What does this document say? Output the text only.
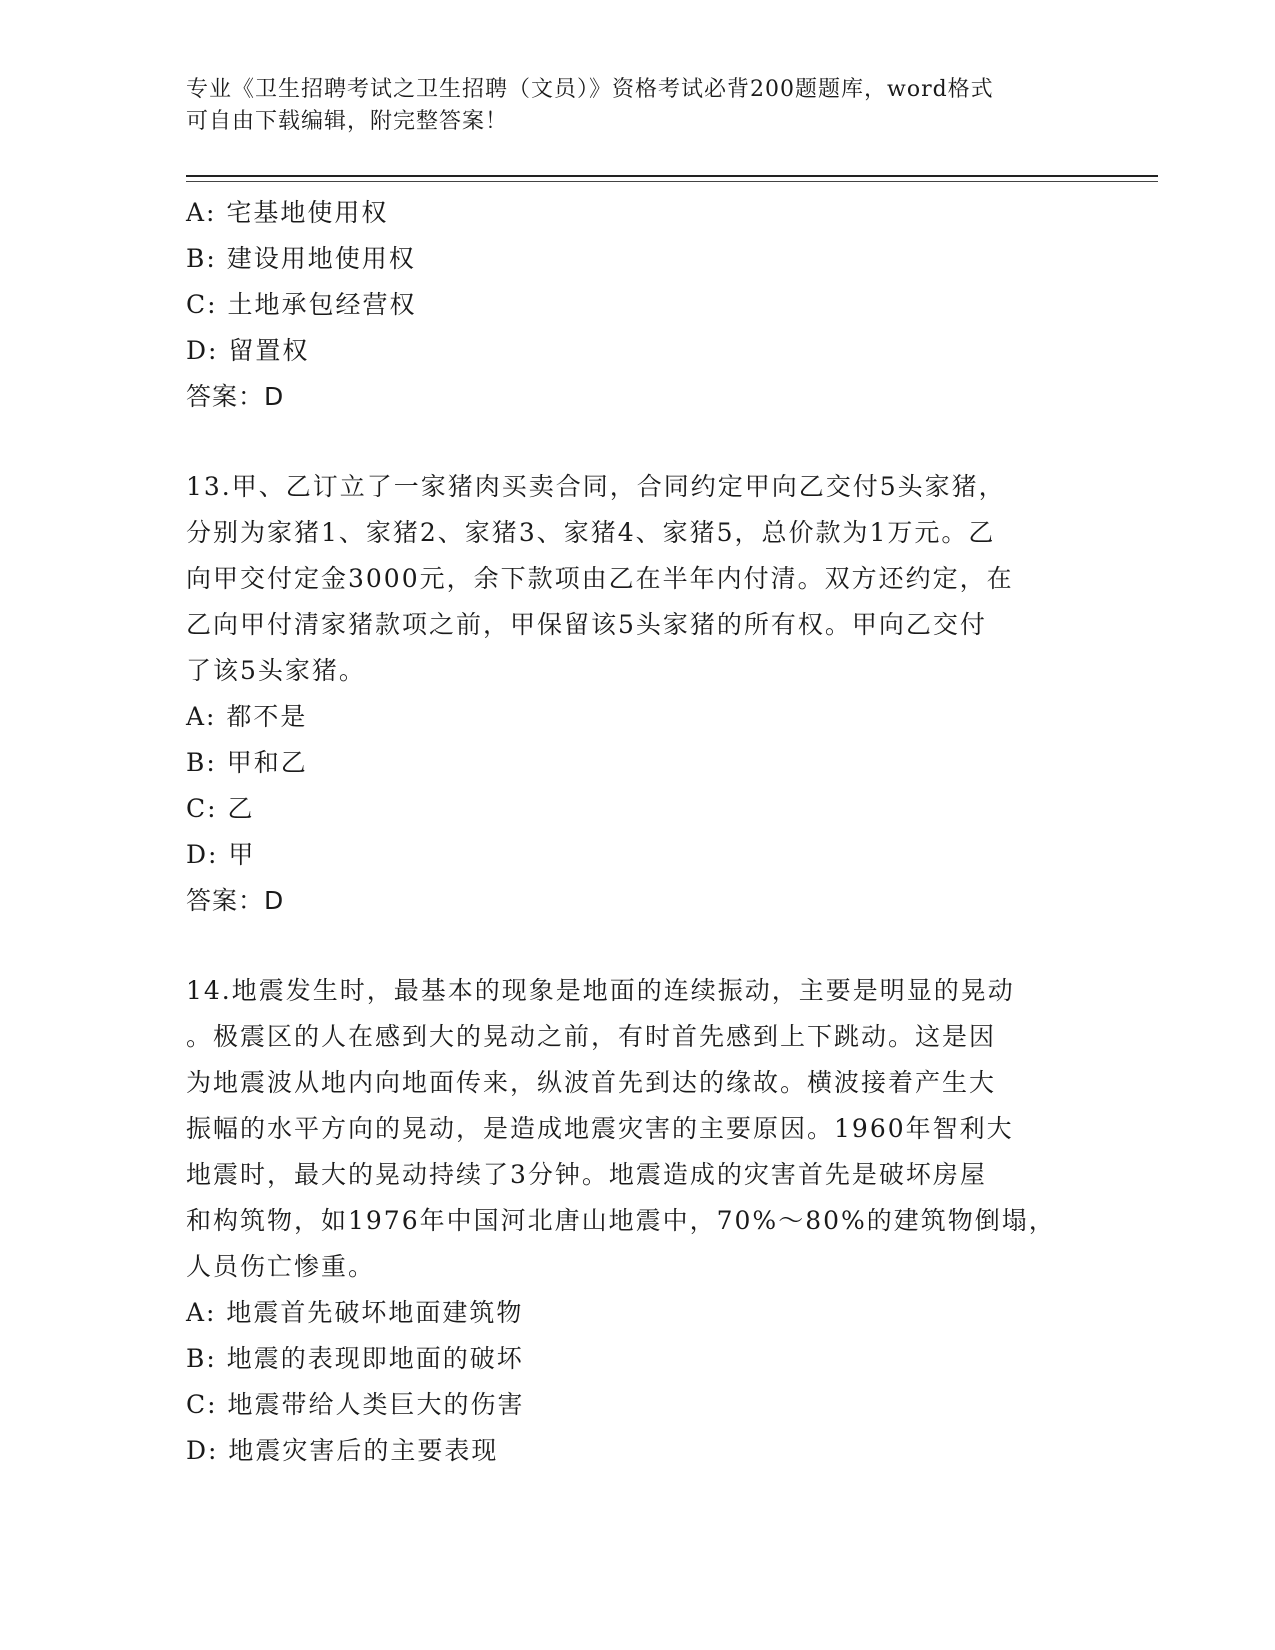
专业《卫生招聘考试之卫生招聘（文员）》资格考试必背200题题库，word格式
可自由下载编辑，附完整答案！
A: 宅基地使用权
B: 建设用地使用权
C: 土地承包经营权
D: 留置权
答案：D
13.甲、乙订立了一家猪肉买卖合同，合同约定甲向乙交付5头家猪，
分别为家猪1、家猪2、家猪3、家猪4、家猪5，总价款为1万元。乙
向甲交付定金3000元，余下款项由乙在半年内付清。双方还约定，在
乙向甲付清家猪款项之前，甲保留该5头家猪的所有权。甲向乙交付
了该5头家猪。
A: 都不是
B: 甲和乙
C: 乙
D: 甲
答案：D
14.地震发生时，最基本的现象是地面的连续振动，主要是明显的晃动
。极震区的人在感到大的晃动之前，有时首先感到上下跳动。这是因
为地震波从地内向地面传来，纵波首先到达的缘故。横波接着产生大
振幅的水平方向的晃动，是造成地震灾害的主要原因。1960年智利大
地震时，最大的晃动持续了3分钟。地震造成的灾害首先是破坏房屋
和构筑物，如1976年中国河北唐山地震中，70%～80%的建筑物倒塌，
人员伤亡惨重。
A: 地震首先破坏地面建筑物
B: 地震的表现即地面的破坏
C: 地震带给人类巨大的伤害
D: 地震灾害后的主要表现
